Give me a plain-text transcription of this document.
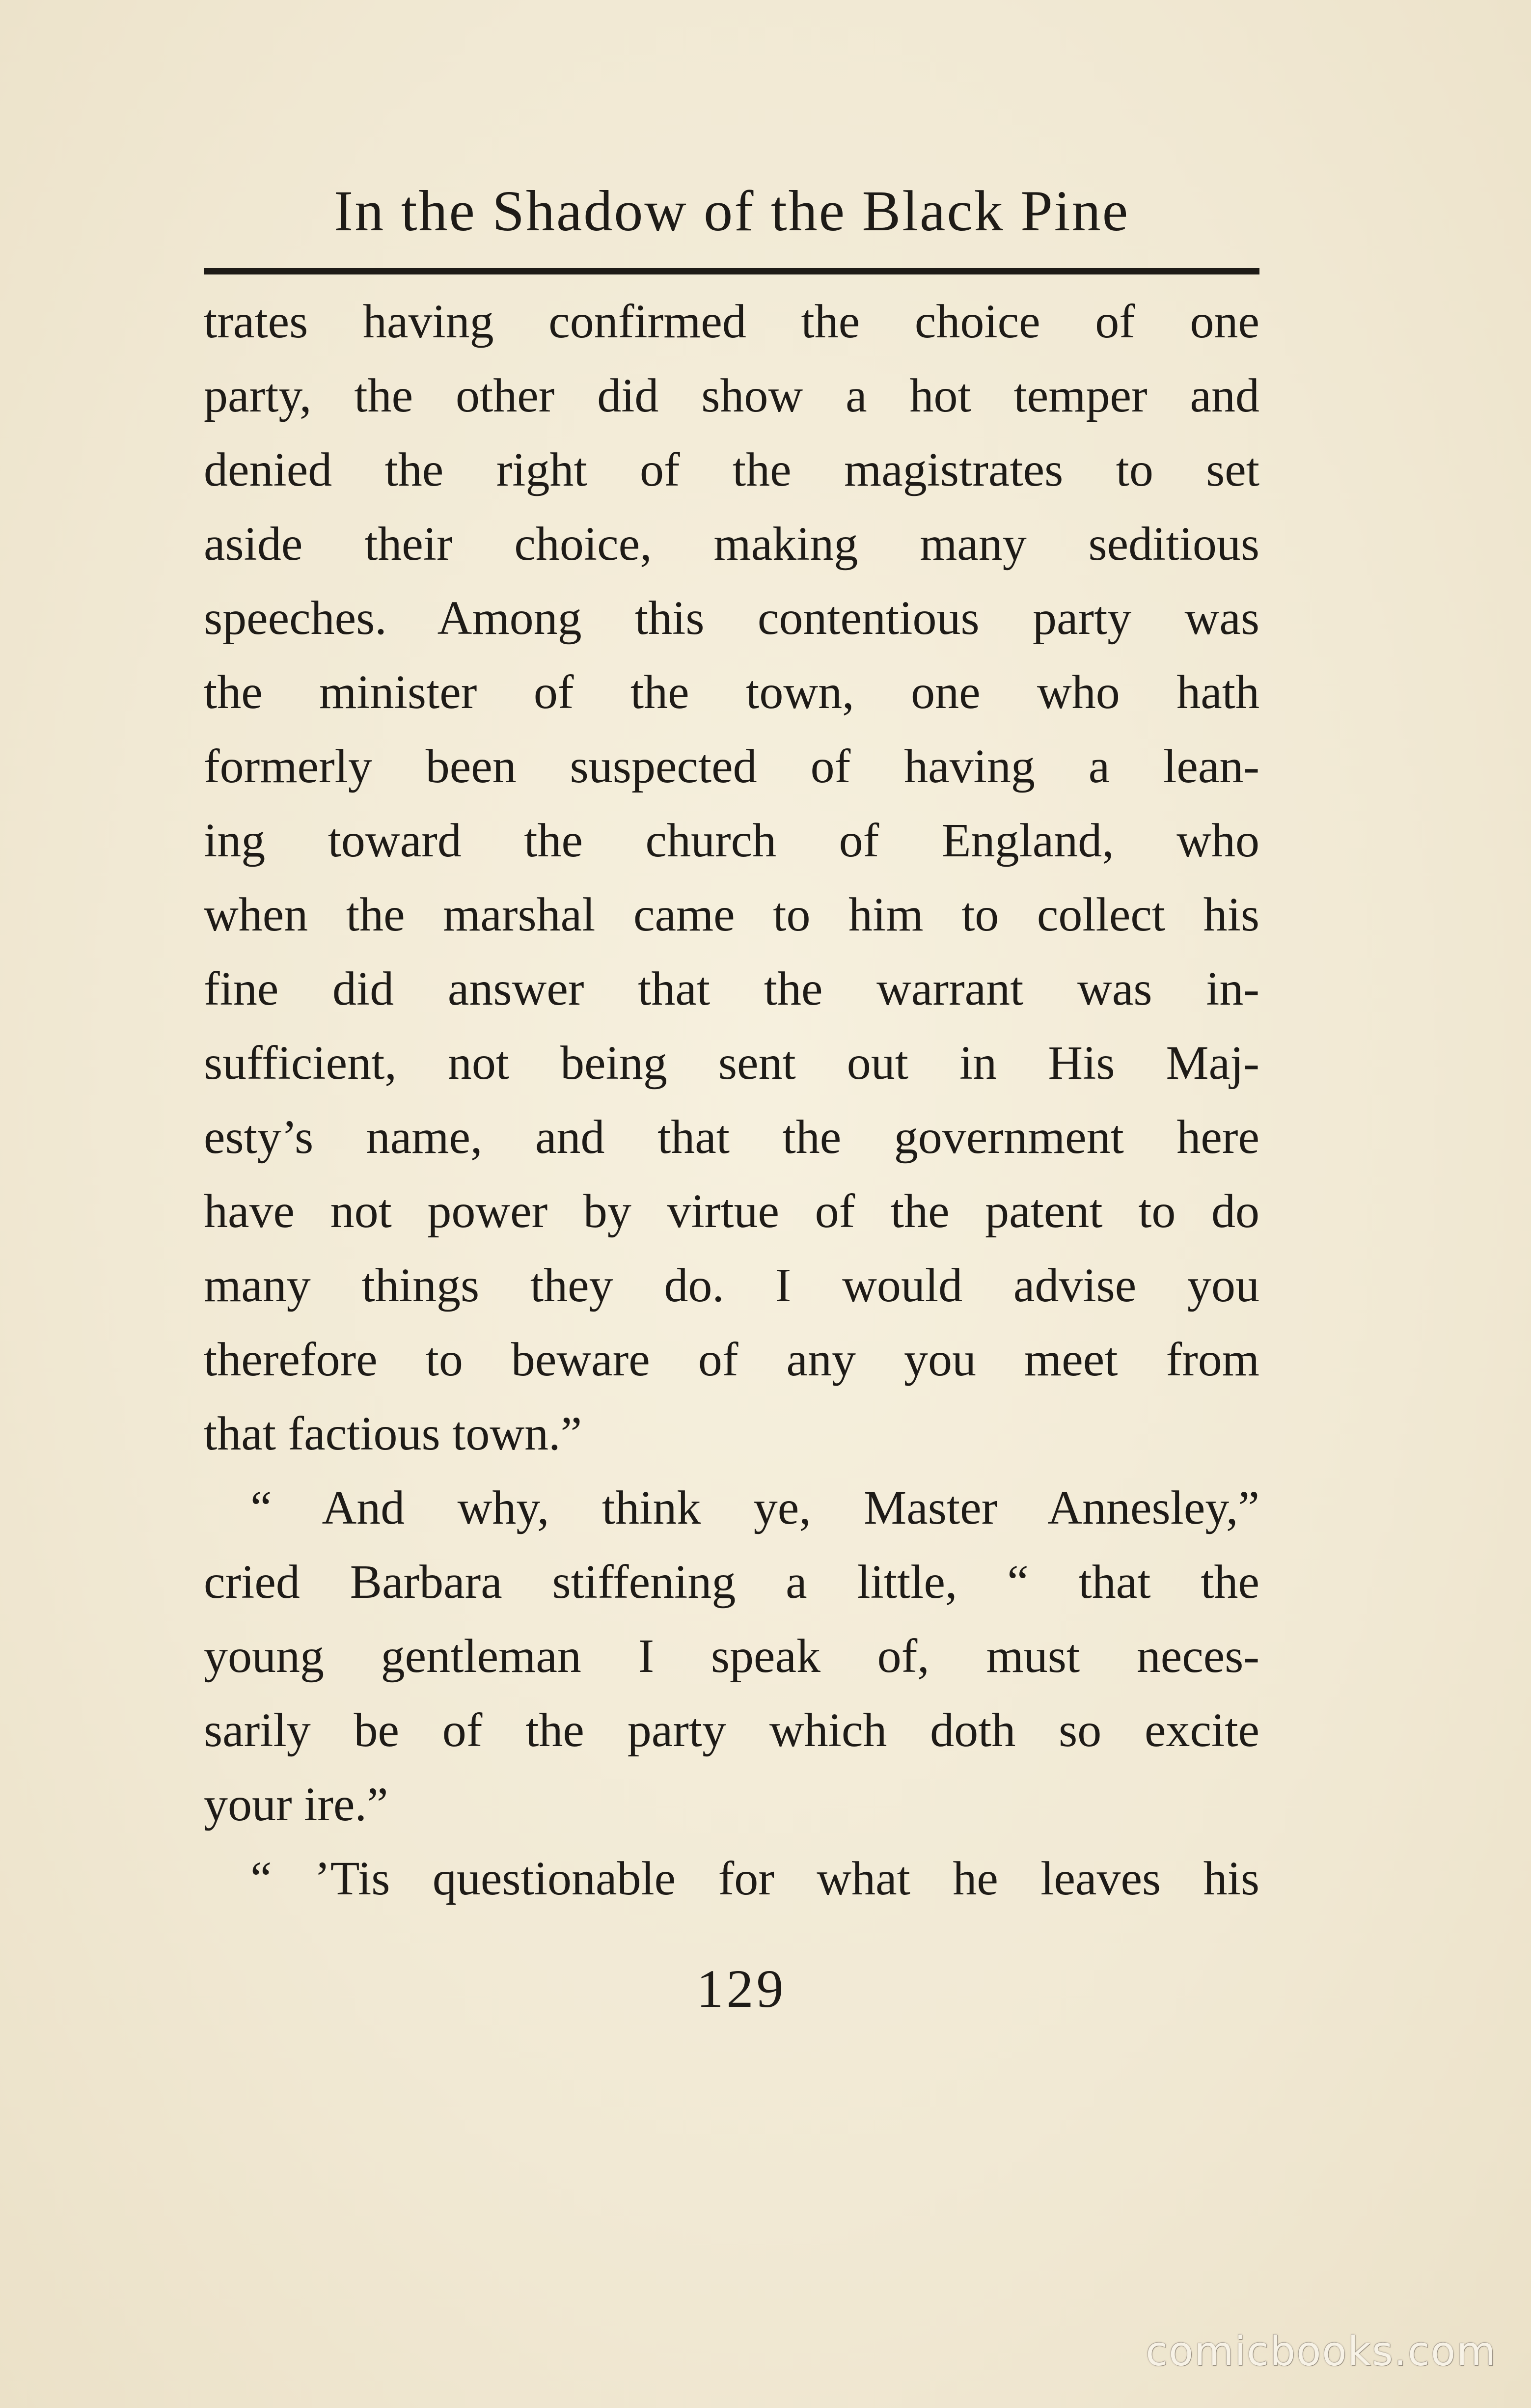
In the Shadow of the Black Pine
trates having confirmed the choice of one
party, the other did show a hot temper and
denied the right of the magistrates to set
aside their choice, making many seditious
speeches. Among this contentious party was
the minister of the town, one who hath
formerly been suspected of having a lean-
ing toward the church of England, who
when the marshal came to him to collect his
fine did answer that the warrant was in-
sufficient, not being sent out in His Maj-
esty’s name, and that the government here
have not power by virtue of the patent to do
many things they do. I would advise you
therefore to beware of any you meet from
that factious town.”
“ And why, think ye, Master Annesley,”
cried Barbara stiffening a little, “ that the
young gentleman I speak of, must neces-
sarily be of the party which doth so excite
your ire.”
“ ’Tis questionable for what he leaves his
129
comicbooks.com
